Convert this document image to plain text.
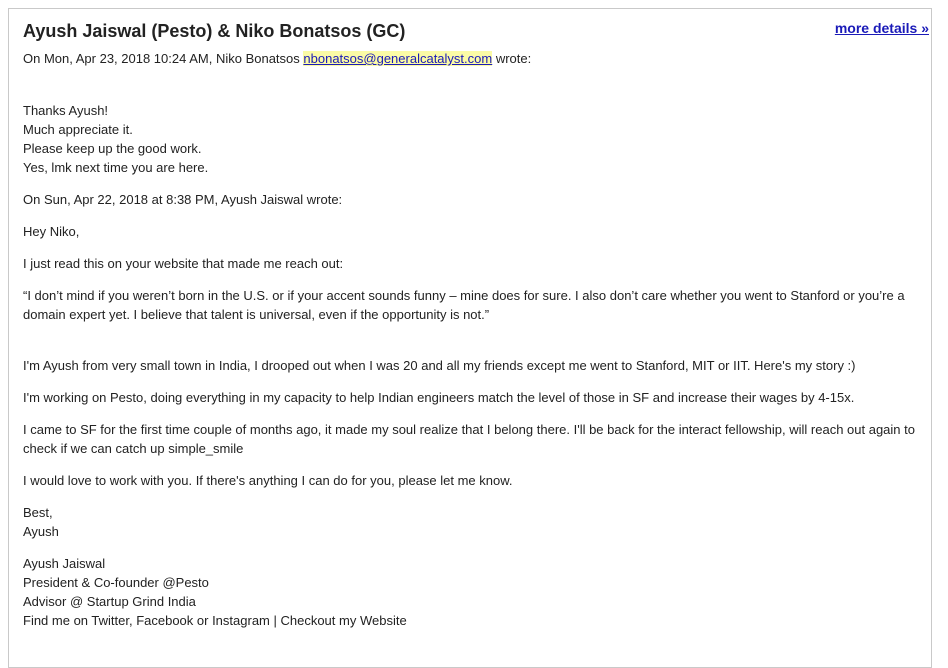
Ayush Jaiswal (Pesto) & Niko Bonatsos (GC)	more details »
On Mon, Apr 23, 2018 10:24 AM, Niko Bonatsos nbonatsos@generalcatalyst.com wrote:
Thanks Ayush!
Much appreciate it.
Please keep up the good work.
Yes, lmk next time you are here.
On Sun, Apr 22, 2018 at 8:38 PM, Ayush Jaiswal wrote:
Hey Niko,
I just read this on your website that made me reach out:
“I don’t mind if you weren’t born in the U.S. or if your accent sounds funny – mine does for sure. I also don’t care whether you went to Stanford or you’re a domain expert yet. I believe that talent is universal, even if the opportunity is not.”
I'm Ayush from very small town in India, I drooped out when I was 20 and all my friends except me went to Stanford, MIT or IIT. Here's my story :)
I'm working on Pesto, doing everything in my capacity to help Indian engineers match the level of those in SF and increase their wages by 4-15x.
I came to SF for the first time couple of months ago, it made my soul realize that I belong there. I'll be back for the interact fellowship, will reach out again to check if we can catch up simple_smile
I would love to work with you. If there's anything I can do for you, please let me know.
Best,
Ayush
Ayush Jaiswal
President & Co-founder @Pesto
Advisor @ Startup Grind India
Find me on Twitter, Facebook or Instagram | Checkout my Website
